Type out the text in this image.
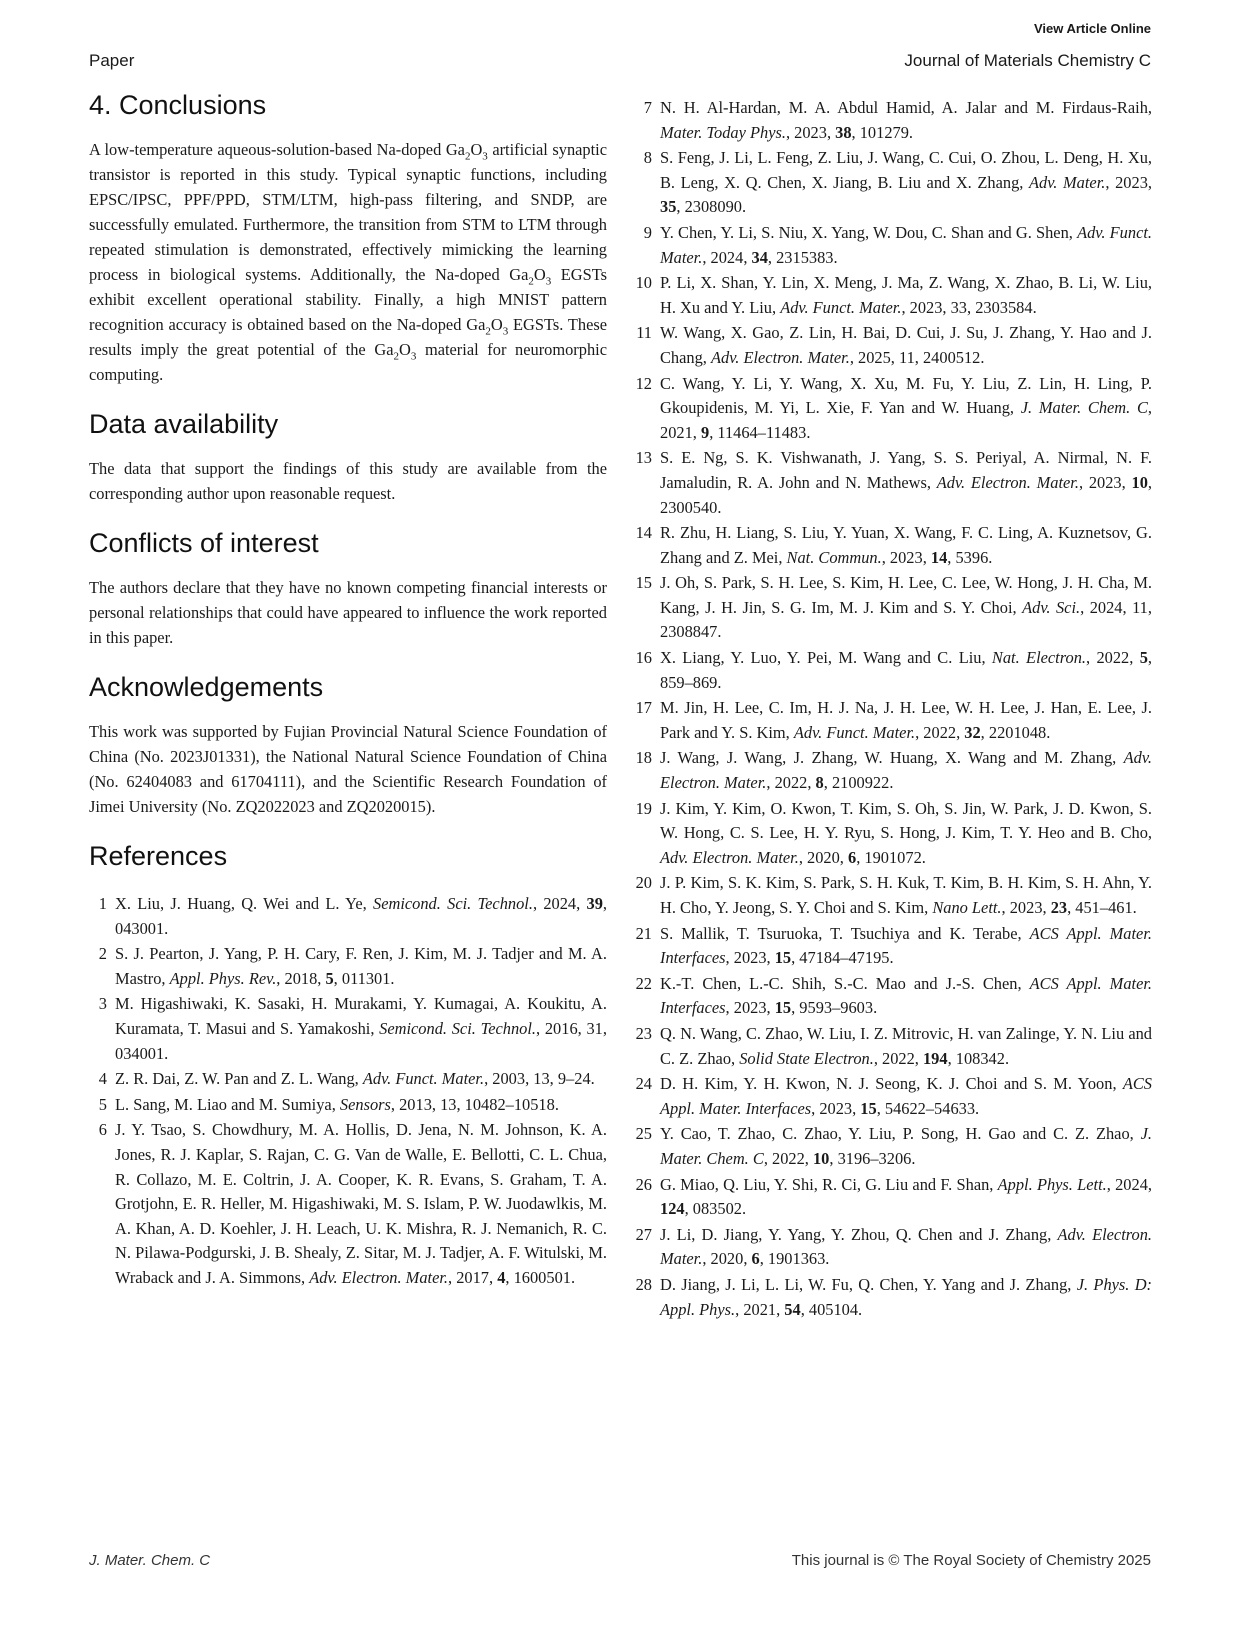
View Article Online
Paper	Journal of Materials Chemistry C
4. Conclusions

A low-temperature aqueous-solution-based Na-doped $Ga_2O_3$ artificial synaptic transistor is reported in this study. Typical synaptic functions, including EPSC/IPSC, PPF/PPD, STM/LTM, high-pass filtering, and SNDP, are successfully emulated. Furthermore, the transition from STM to LTM through repeated stimulation is demonstrated, effectively mimicking the learning process in biological systems. Additionally, the Na-doped $Ga_2O_3$ EGSTs exhibit excellent operational stability. Finally, a high MNIST pattern recognition accuracy is obtained based on the Na-doped $Ga_2O_3$ EGSTs. These results imply the great potential of the $Ga_2O_3$ material for neuromorphic computing.

Data availability

The data that support the findings of this study are available from the corresponding author upon reasonable request.

Conflicts of interest

The authors declare that they have no known competing financial interests or personal relationships that could have appeared to influence the work reported in this paper.

Acknowledgements

This work was supported by Fujian Provincial Natural Science Foundation of China (No. 2023J01331), the National Natural Science Foundation of China (No. 62404083 and 61704111), and the Scientific Research Foundation of Jimei University (No. ZQ2022023 and ZQ2020015).

References
1 X. Liu, J. Huang, Q. Wei and L. Ye, Semicond. Sci. Technol., 2024, 39, 043001.
2 S. J. Pearton, J. Yang, P. H. Cary, F. Ren, J. Kim, M. J. Tadjer and M. A. Mastro, Appl. Phys. Rev., 2018, 5, 011301.
3 M. Higashiwaki, K. Sasaki, H. Murakami, Y. Kumagai, A. Koukitu, A. Kuramata, T. Masui and S. Yamakoshi, Semicond. Sci. Technol., 2016, 31, 034001.
4 Z. R. Dai, Z. W. Pan and Z. L. Wang, Adv. Funct. Mater., 2003, 13, 9–24.
5 L. Sang, M. Liao and M. Sumiya, Sensors, 2013, 13, 10482–10518.
6 J. Y. Tsao, S. Chowdhury, M. A. Hollis, D. Jena, N. M. Johnson, K. A. Jones, R. J. Kaplar, S. Rajan, C. G. Van de Walle, E. Bellotti, C. L. Chua, R. Collazo, M. E. Coltrin, J. A. Cooper, K. R. Evans, S. Graham, T. A. Grotjohn, E. R. Heller, M. Higashiwaki, M. S. Islam, P. W. Juodawlkis, M. A. Khan, A. D. Koehler, J. H. Leach, U. K. Mishra, R. J. Nemanich, R. C. N. Pilawa-Podgurski, J. B. Shealy, Z. Sitar, M. J. Tadjer, A. F. Witulski, M. Wraback and J. A. Simmons, Adv. Electron. Mater., 2017, 4, 1600501.
7 N. H. Al-Hardan, M. A. Abdul Hamid, A. Jalar and M. Firdaus-Raih, Mater. Today Phys., 2023, 38, 101279.
8 S. Feng, J. Li, L. Feng, Z. Liu, J. Wang, C. Cui, O. Zhou, L. Deng, H. Xu, B. Leng, X. Q. Chen, X. Jiang, B. Liu and X. Zhang, Adv. Mater., 2023, 35, 2308090.
9 Y. Chen, Y. Li, S. Niu, X. Yang, W. Dou, C. Shan and G. Shen, Adv. Funct. Mater., 2024, 34, 2315383.
10 P. Li, X. Shan, Y. Lin, X. Meng, J. Ma, Z. Wang, X. Zhao, B. Li, W. Liu, H. Xu and Y. Liu, Adv. Funct. Mater., 2023, 33, 2303584.
11 W. Wang, X. Gao, Z. Lin, H. Bai, D. Cui, J. Su, J. Zhang, Y. Hao and J. Chang, Adv. Electron. Mater., 2025, 11, 2400512.
12 C. Wang, Y. Li, Y. Wang, X. Xu, M. Fu, Y. Liu, Z. Lin, H. Ling, P. Gkoupidenis, M. Yi, L. Xie, F. Yan and W. Huang, J. Mater. Chem. C, 2021, 9, 11464–11483.
13 S. E. Ng, S. K. Vishwanath, J. Yang, S. S. Periyal, A. Nirmal, N. F. Jamaludin, R. A. John and N. Mathews, Adv. Electron. Mater., 2023, 10, 2300540.
14 R. Zhu, H. Liang, S. Liu, Y. Yuan, X. Wang, F. C. Ling, A. Kuznetsov, G. Zhang and Z. Mei, Nat. Commun., 2023, 14, 5396.
15 J. Oh, S. Park, S. H. Lee, S. Kim, H. Lee, C. Lee, W. Hong, J. H. Cha, M. Kang, J. H. Jin, S. G. Im, M. J. Kim and S. Y. Choi, Adv. Sci., 2024, 11, 2308847.
16 X. Liang, Y. Luo, Y. Pei, M. Wang and C. Liu, Nat. Electron., 2022, 5, 859–869.
17 M. Jin, H. Lee, C. Im, H. J. Na, J. H. Lee, W. H. Lee, J. Han, E. Lee, J. Park and Y. S. Kim, Adv. Funct. Mater., 2022, 32, 2201048.
18 J. Wang, J. Wang, J. Zhang, W. Huang, X. Wang and M. Zhang, Adv. Electron. Mater., 2022, 8, 2100922.
19 J. Kim, Y. Kim, O. Kwon, T. Kim, S. Oh, S. Jin, W. Park, J. D. Kwon, S. W. Hong, C. S. Lee, H. Y. Ryu, S. Hong, J. Kim, T. Y. Heo and B. Cho, Adv. Electron. Mater., 2020, 6, 1901072.
20 J. P. Kim, S. K. Kim, S. Park, S. H. Kuk, T. Kim, B. H. Kim, S. H. Ahn, Y. H. Cho, Y. Jeong, S. Y. Choi and S. Kim, Nano Lett., 2023, 23, 451–461.
21 S. Mallik, T. Tsuruoka, T. Tsuchiya and K. Terabe, ACS Appl. Mater. Interfaces, 2023, 15, 47184–47195.
22 K.-T. Chen, L.-C. Shih, S.-C. Mao and J.-S. Chen, ACS Appl. Mater. Interfaces, 2023, 15, 9593–9603.
23 Q. N. Wang, C. Zhao, W. Liu, I. Z. Mitrovic, H. van Zalinge, Y. N. Liu and C. Z. Zhao, Solid State Electron., 2022, 194, 108342.
24 D. H. Kim, Y. H. Kwon, N. J. Seong, K. J. Choi and S. M. Yoon, ACS Appl. Mater. Interfaces, 2023, 15, 54622–54633.
25 Y. Cao, T. Zhao, C. Zhao, Y. Liu, P. Song, H. Gao and C. Z. Zhao, J. Mater. Chem. C, 2022, 10, 3196–3206.
26 G. Miao, Q. Liu, Y. Shi, R. Ci, G. Liu and F. Shan, Appl. Phys. Lett., 2024, 124, 083502.
27 J. Li, D. Jiang, Y. Yang, Y. Zhou, Q. Chen and J. Zhang, Adv. Electron. Mater., 2020, 6, 1901363.
28 D. Jiang, J. Li, L. Li, W. Fu, Q. Chen, Y. Yang and J. Zhang, J. Phys. D: Appl. Phys., 2021, 54, 405104.
J. Mater. Chem. C	This journal is © The Royal Society of Chemistry 2025
